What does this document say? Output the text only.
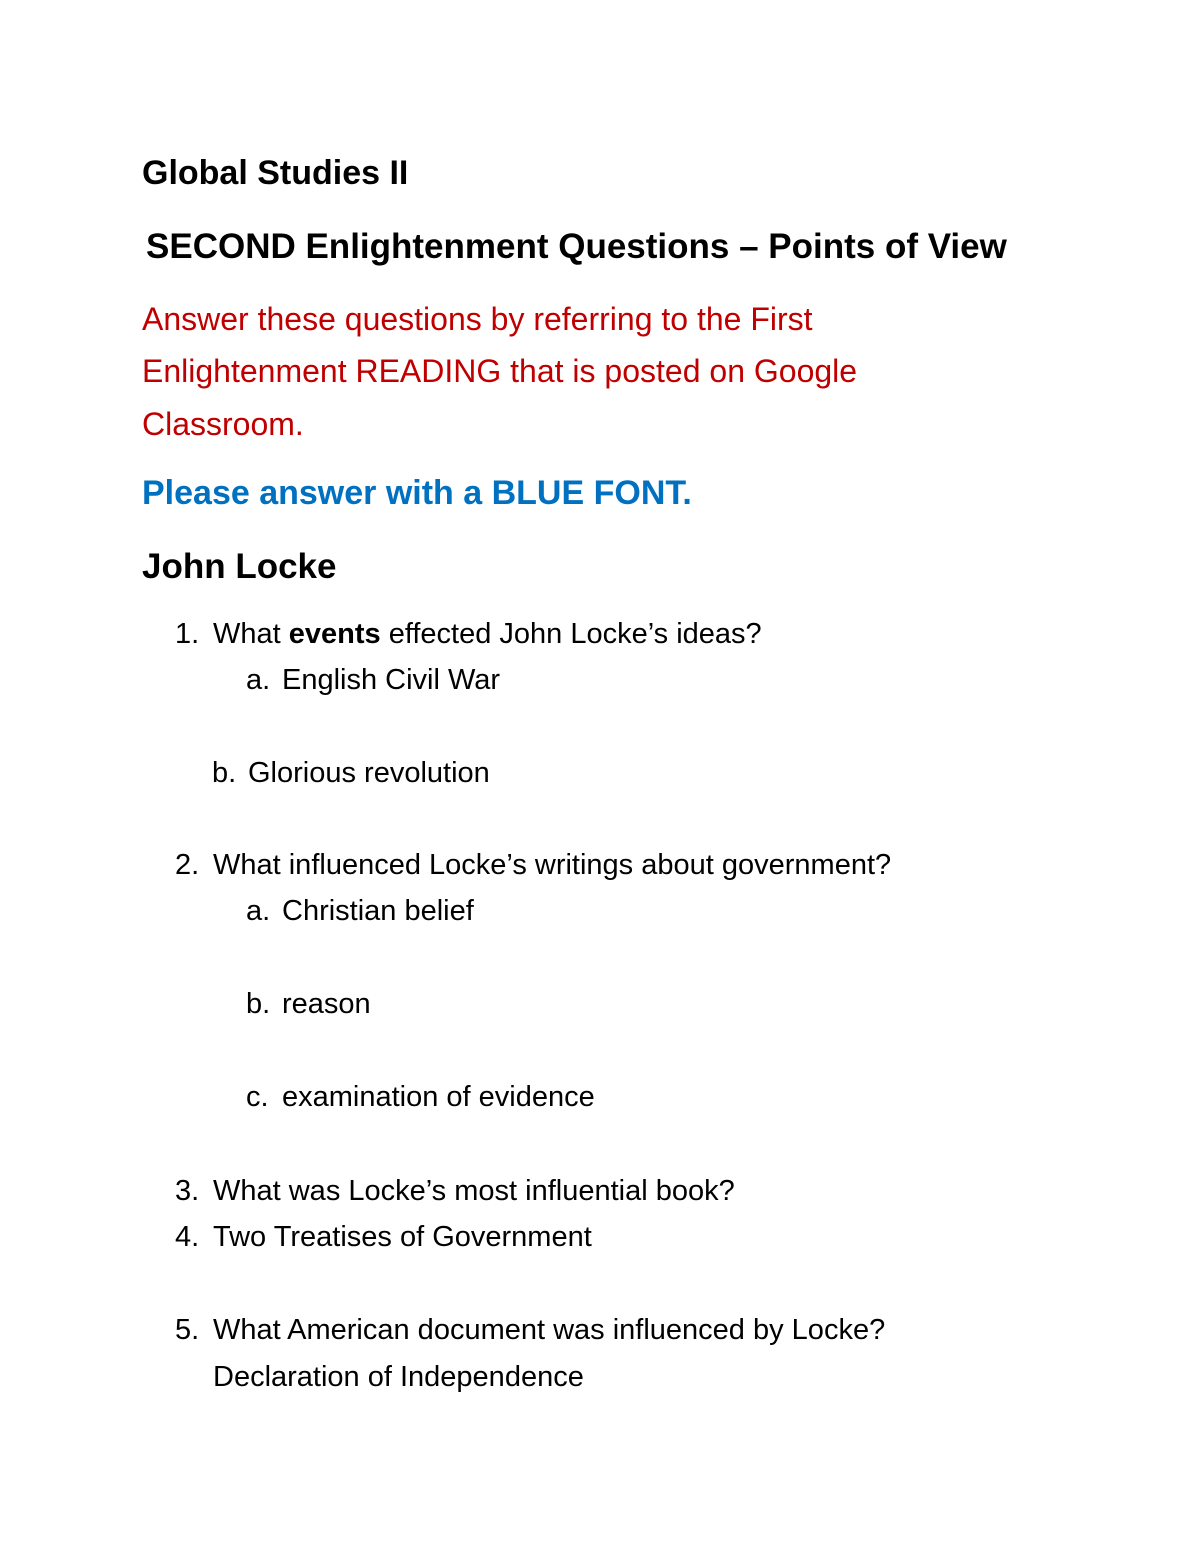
Global Studies II
SECOND Enlightenment Questions – Points of View
Answer these questions by referring to the First
Enlightenment READING that is posted on Google
Classroom.
Please answer with a BLUE FONT.
John Locke
1. What events effected John Locke’s ideas?
a. English Civil War
b. Glorious revolution
2. What influenced Locke’s writings about government?
a. Christian belief
b. reason
c. examination of evidence
3. What was Locke’s most influential book?
4. Two Treatises of Government
5. What American document was influenced by Locke?
Declaration of Independence
